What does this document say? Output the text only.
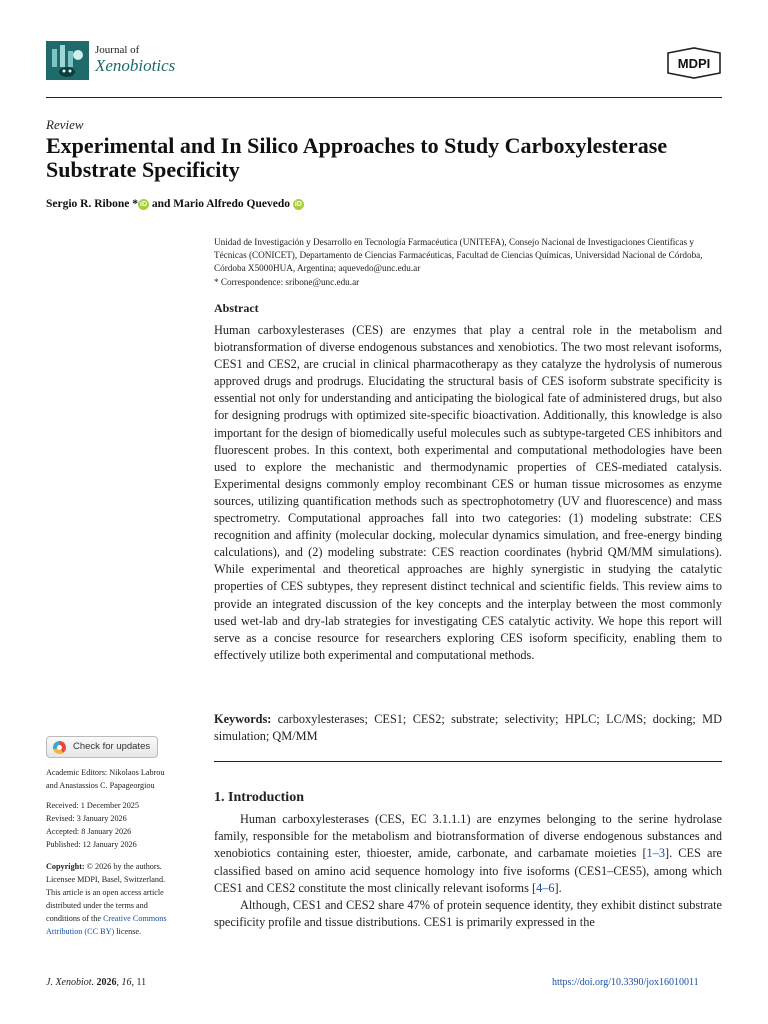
Journal of
Xenobiotics	MDPI
Review
Experimental and In Silico Approaches to Study Carboxylesterase Substrate Specificity
Sergio R. Ribone * iD and Mario Alfredo Quevedo iD
Unidad de Investigación y Desarrollo en Tecnología Farmacéutica (UNITEFA), Consejo Nacional de Investigaciones Científicas y Técnicas (CONICET), Departamento de Ciencias Farmacéuticas, Facultad de Ciencias Químicas, Universidad Nacional de Córdoba, Córdoba X5000HUA, Argentina; aquevedo@unc.edu.ar
* Correspondence: sribone@unc.edu.ar
Abstract
Human carboxylesterases (CES) are enzymes that play a central role in the metabolism and biotransformation of diverse endogenous substances and xenobiotics. The two most relevant isoforms, CES1 and CES2, are crucial in clinical pharmacotherapy as they catalyze the hydrolysis of numerous approved drugs and prodrugs. Elucidating the structural basis of CES isoform substrate specificity is essential not only for understanding and anticipating the biological fate of administered drugs, but also for designing prodrugs with optimized site-specific bioactivation. Additionally, this knowledge is also important for the design of biomedically useful molecules such as subtype-targeted CES inhibitors and fluorescent probes. In this context, both experimental and computational methodologies have been used to explore the mechanistic and thermodynamic properties of CES-mediated catalysis. Experimental designs commonly employ recombinant CES or human tissue microsomes as enzyme sources, utilizing quantification methods such as spectrophotometry (UV and fluorescence) and mass spectrometry. Computational approaches fall into two categories: (1) modeling substrate: CES recognition and affinity (molecular docking, molecular dynamics simulation, and free-energy binding calculations), and (2) modeling substrate: CES reaction coordinates (hybrid QM/MM simulations). While experimental and theoretical approaches are highly synergistic in studying the catalytic properties of CES subtypes, they represent distinct technical and scientific fields. This review aims to provide an integrated discussion of the key concepts and the interplay between the most commonly used wet-lab and dry-lab strategies for investigating CES catalytic activity. We hope this report will serve as a concise resource for researchers exploring CES isoform specificity, enabling them to effectively utilize both experimental and computational methods.
Keywords: carboxylesterases; CES1; CES2; substrate; selectivity; HPLC; LC/MS; docking; MD simulation; QM/MM
Check for updates
Academic Editors: Nikolaos Labrou
and Anastassios C. Papageorgiou
Received: 1 December 2025
Revised: 3 January 2026
Accepted: 8 January 2026
Published: 12 January 2026
Copyright: © 2026 by the authors.
Licensee MDPI, Basel, Switzerland.
This article is an open access article
distributed under the terms and
conditions of the Creative Commons
Attribution (CC BY) license.
1. Introduction

Human carboxylesterases (CES, EC 3.1.1.1) are enzymes belonging to the serine hydrolase family, responsible for the metabolism and biotransformation of diverse endogenous substances and xenobiotics containing ester, thioester, amide, carbonate, and carbamate moieties [1–3]. CES are classified based on amino acid sequence homology into five isoforms (CES1–CES5), among which CES1 and CES2 constitute the most clinically relevant isoforms [4–6].

Although, CES1 and CES2 share 47% of protein sequence identity, they exhibit distinct substrate specificity profile and tissue distributions. CES1 is primarily expressed in the

J. Xenobiot. 2026, 16, 11	https://doi.org/10.3390/jox16010011
